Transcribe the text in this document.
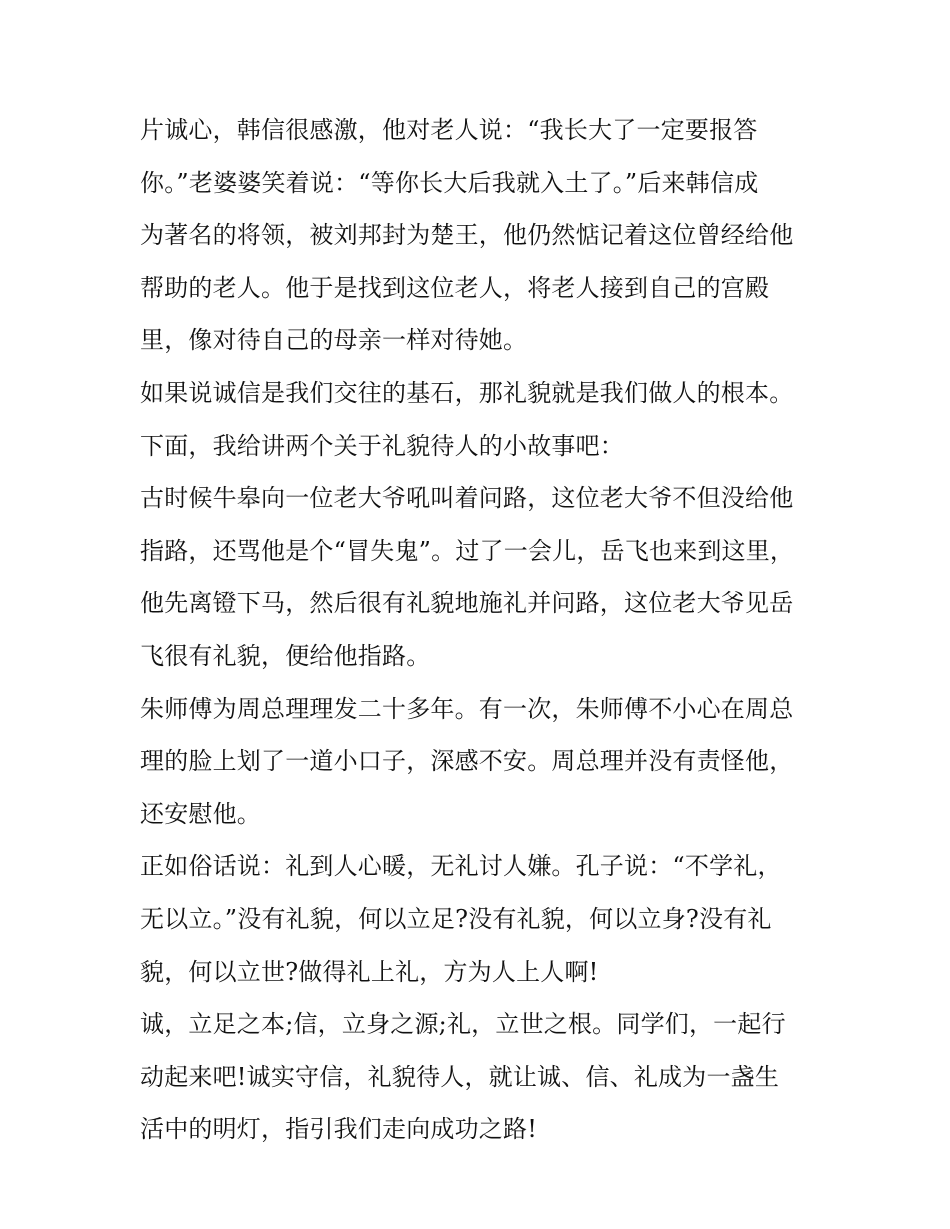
片诚心，韩信很感激，他对老人说：“我长大了一定要报答
你。”老婆婆笑着说：“等你长大后我就入土了。”后来韩信成
为著名的将领，被刘邦封为楚王，他仍然惦记着这位曾经给他
帮助的老人。他于是找到这位老人，将老人接到自己的宫殿
里，像对待自己的母亲一样对待她。
如果说诚信是我们交往的基石，那礼貌就是我们做人的根本。
下面，我给讲两个关于礼貌待人的小故事吧：
古时候牛皋向一位老大爷吼叫着问路，这位老大爷不但没给他
指路，还骂他是个“冒失鬼”。过了一会儿，岳飞也来到这里，
他先离镫下马，然后很有礼貌地施礼并问路，这位老大爷见岳
飞很有礼貌，便给他指路。
朱师傅为周总理理发二十多年。有一次，朱师傅不小心在周总
理的脸上划了一道小口子，深感不安。周总理并没有责怪他，
还安慰他。
正如俗话说：礼到人心暖，无礼讨人嫌。孔子说：“不学礼，
无以立。”没有礼貌，何以立足?没有礼貌，何以立身?没有礼
貌，何以立世?做得礼上礼，方为人上人啊!
诚，立足之本;信，立身之源;礼，立世之根。同学们，一起行
动起来吧!诚实守信，礼貌待人，就让诚、信、礼成为一盏生
活中的明灯，指引我们走向成功之路!
